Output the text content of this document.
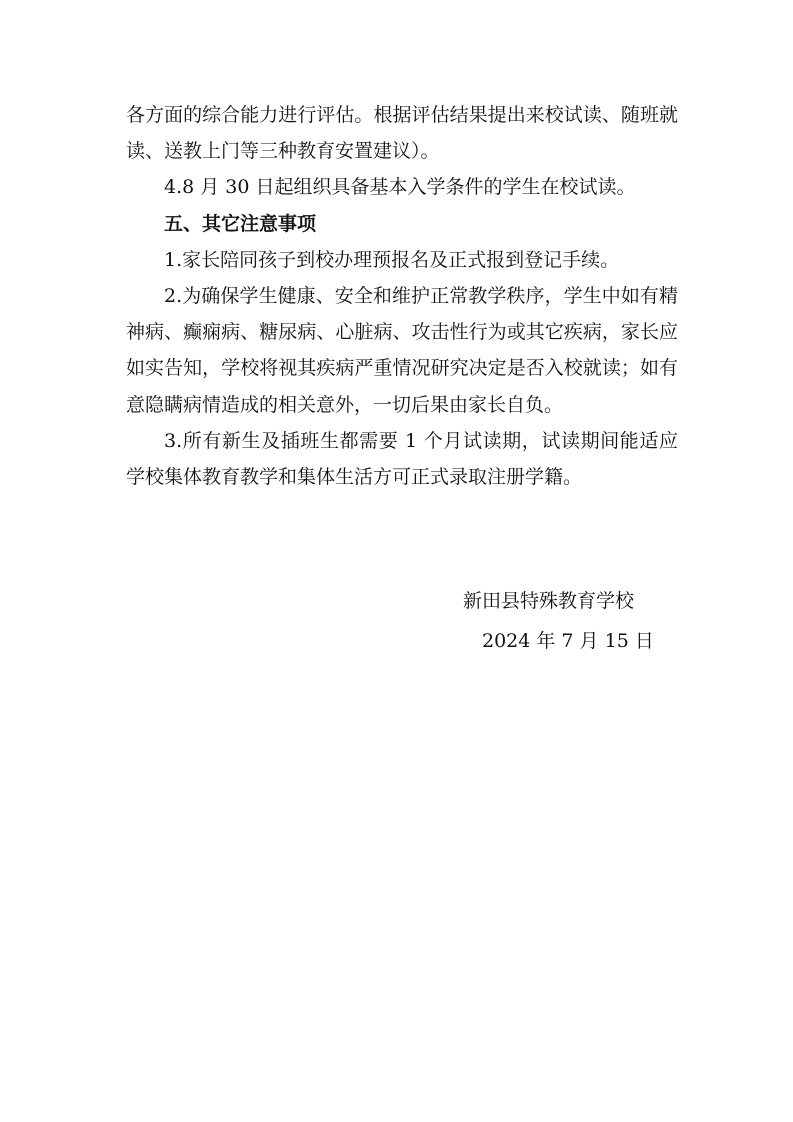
各方面的综合能力进行评估。根据评估结果提出来校试读、随班就读、送教上门等三种教育安置建议）。

4.8 月 30 日起组织具备基本入学条件的学生在校试读。

五、其它注意事项

1.家长陪同孩子到校办理预报名及正式报到登记手续。

2.为确保学生健康、安全和维护正常教学秩序，学生中如有精神病、癫痫病、糖尿病、心脏病、攻击性行为或其它疾病，家长应如实告知，学校将视其疾病严重情况研究决定是否入校就读；如有意隐瞒病情造成的相关意外，一切后果由家长自负。

3.所有新生及插班生都需要 1 个月试读期，试读期间能适应学校集体教育教学和集体生活方可正式录取注册学籍。

新田县特殊教育学校
2024 年 7 月 15 日
